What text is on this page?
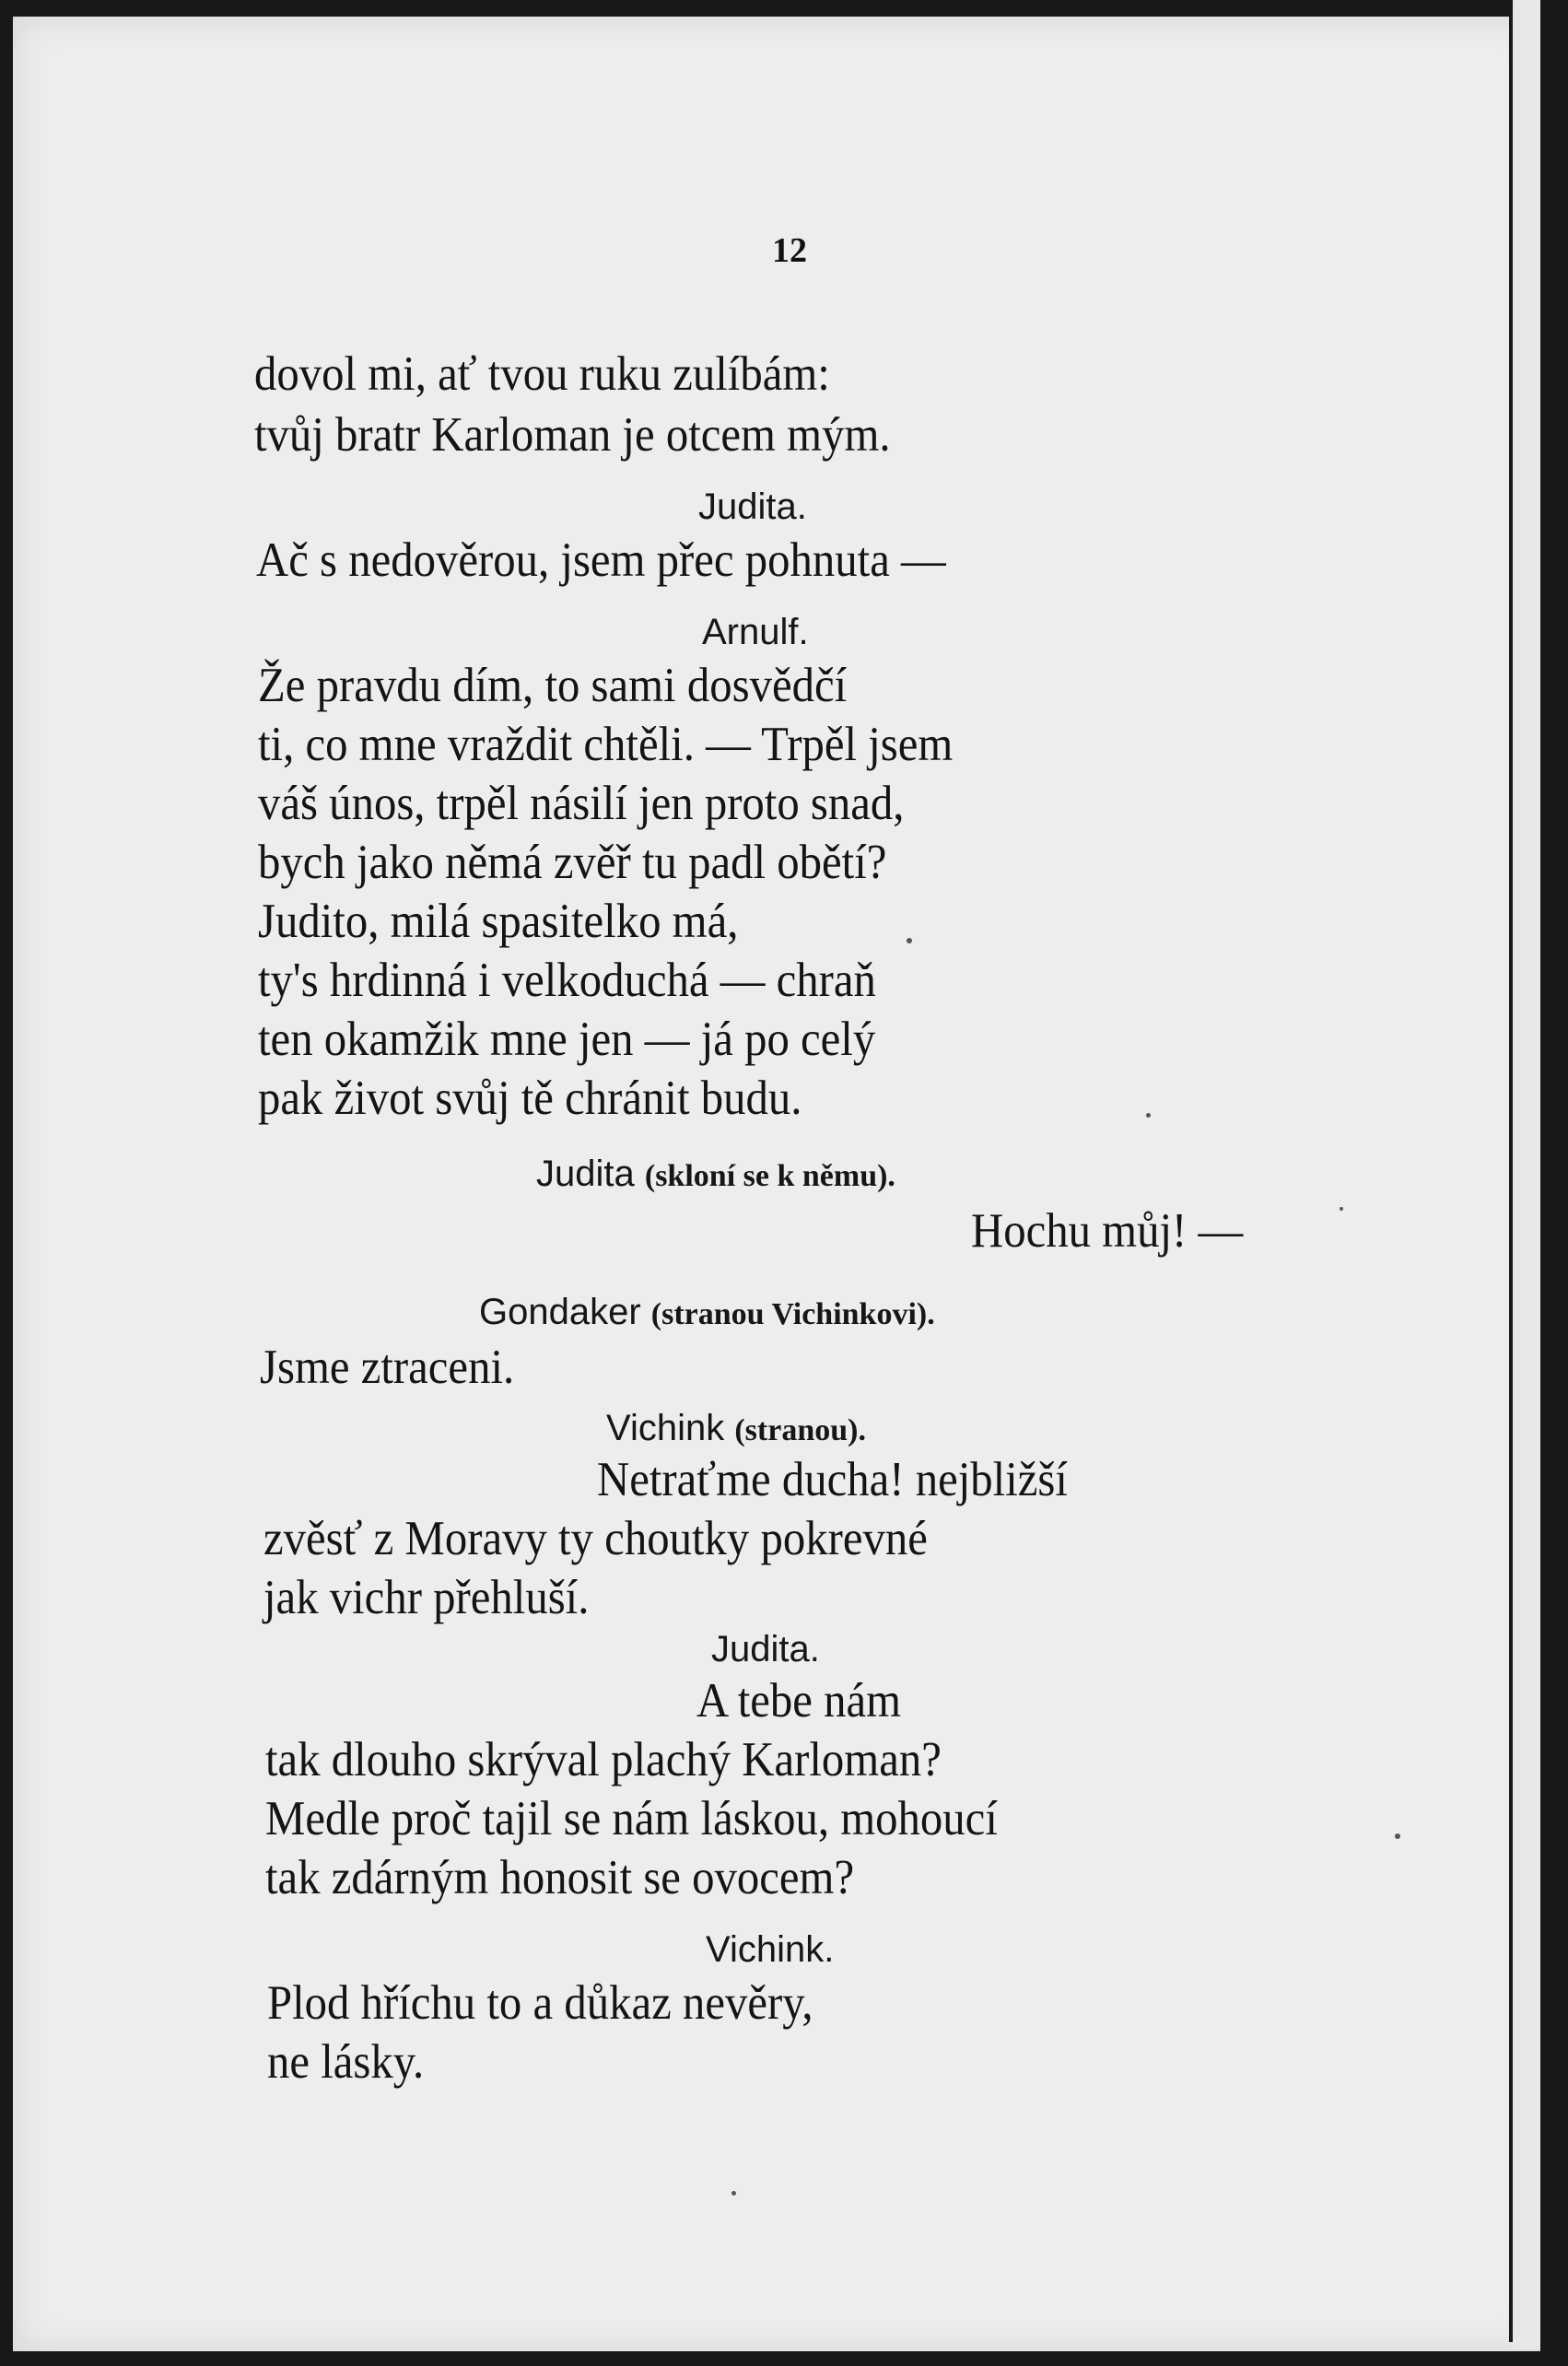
12
dovol mi, ať tvou ruku zulíbám:
tvůj bratr Karloman je otcem mým.
Judita.
Ač s nedověrou, jsem přec pohnuta —
Arnulf.
Že pravdu dím, to sami dosvědčí
ti, co mne vraždit chtěli. — Trpěl jsem
váš únos, trpěl násilí jen proto snad,
bych jako němá zvěř tu padl obětí?
Judito, milá spasitelko má,
ty's hrdinná i velkoduchá — chraň
ten okamžik mne jen — já po celý
pak život svůj tě chránit budu.
Judita (skloní se k němu).
Hochu můj! —
Gondaker (stranou Vichinkovi).
Jsme ztraceni.
Vichink (stranou).
Netraťme ducha! nejbližší
zvěsť z Moravy ty choutky pokrevné
jak vichr přehluší.
Judita.
A tebe nám
tak dlouho skrýval plachý Karloman?
Medle proč tajil se nám láskou, mohoucí
tak zdárným honosit se ovocem?
Vichink.
Plod hříchu to a důkaz nevěry,
ne lásky.
